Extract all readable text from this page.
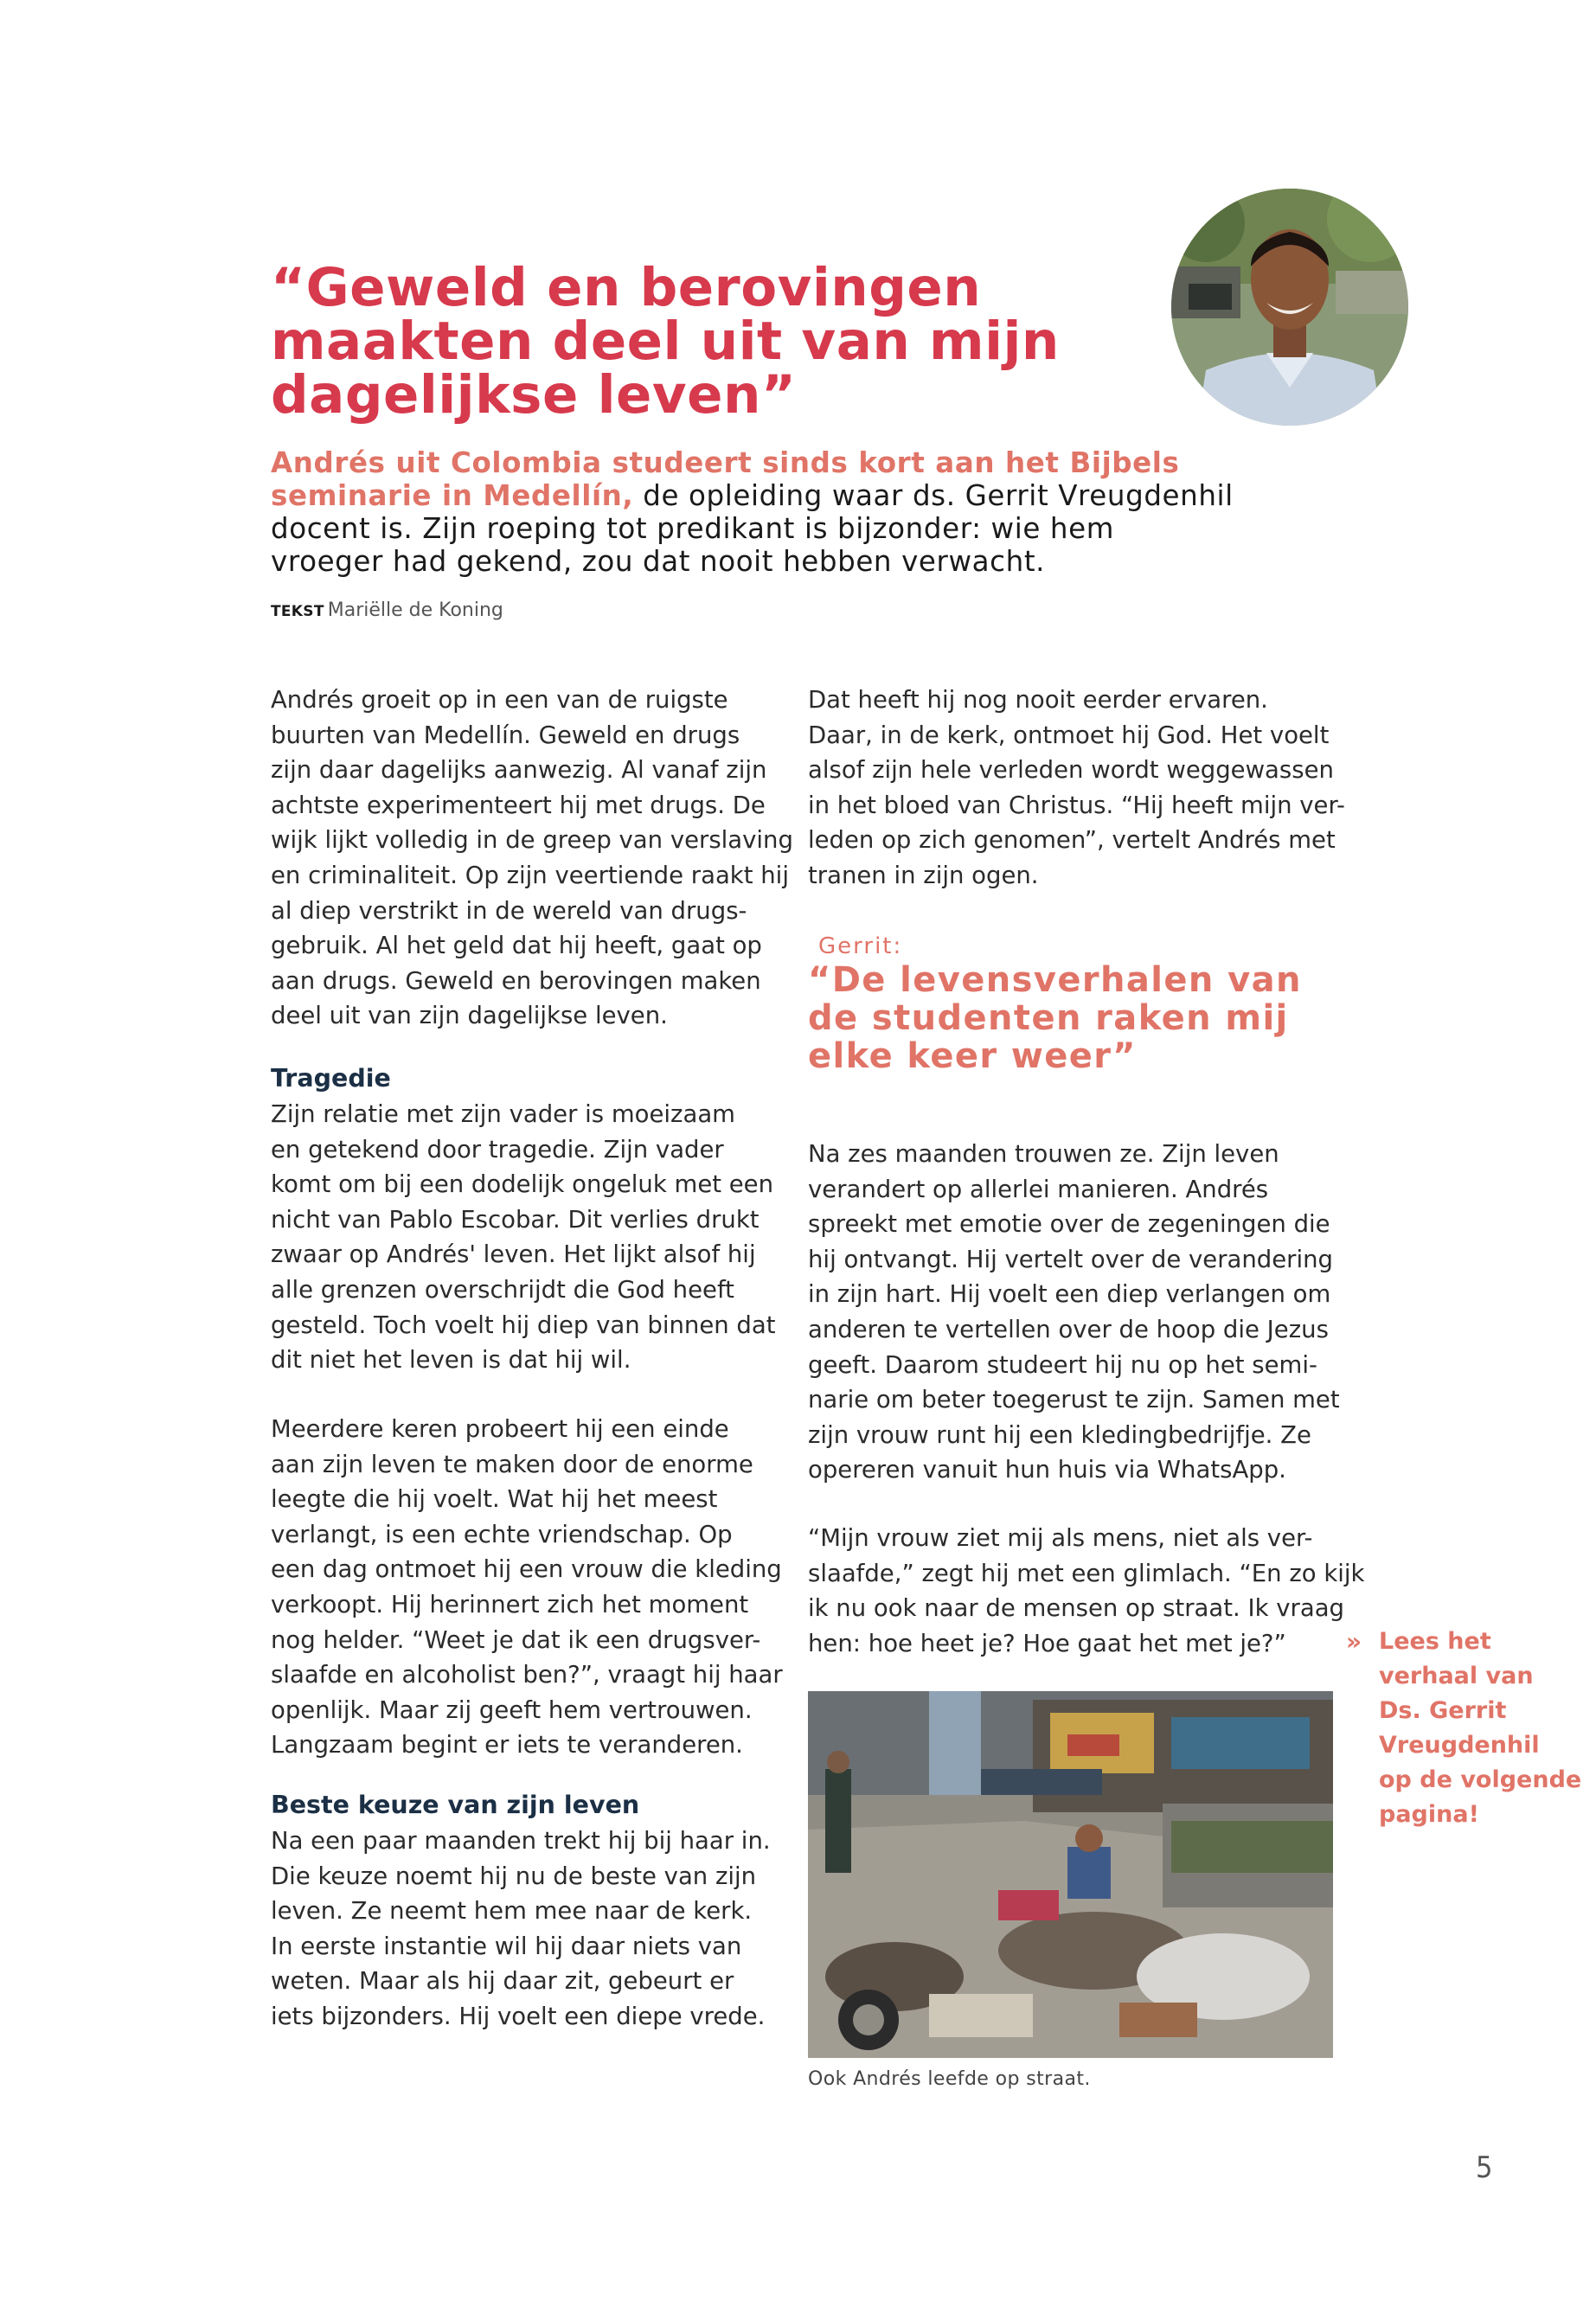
“Geweld en berovingen
maakten deel uit van mijn
dagelijkse leven”

Andrés uit Colombia studeert sinds kort aan het Bijbels
seminarie in Medellín, de opleiding waar ds. Gerrit Vreugdenhil
docent is. Zijn roeping tot predikant is bijzonder: wie hem
vroeger had gekend, zou dat nooit hebben verwacht.

TEKST Mariëlle de Koning

Andrés groeit op in een van de ruigste
buurten van Medellín. Geweld en drugs
zijn daar dagelijks aanwezig. Al vanaf zijn
achtste experimenteert hij met drugs. De
wijk lijkt volledig in de greep van verslaving
en criminaliteit. Op zijn veertiende raakt hij
al diep verstrikt in de wereld van drugs-
gebruik. Al het geld dat hij heeft, gaat op
aan drugs. Geweld en berovingen maken
deel uit van zijn dagelijkse leven.

Tragedie

Zijn relatie met zijn vader is moeizaam
en getekend door tragedie. Zijn vader
komt om bij een dodelijk ongeluk met een
nicht van Pablo Escobar. Dit verlies drukt
zwaar op Andrés' leven. Het lijkt alsof hij
alle grenzen overschrijdt die God heeft
gesteld. Toch voelt hij diep van binnen dat
dit niet het leven is dat hij wil.

Meerdere keren probeert hij een einde
aan zijn leven te maken door de enorme
leegte die hij voelt. Wat hij het meest
verlangt, is een echte vriendschap. Op
een dag ontmoet hij een vrouw die kleding
verkoopt. Hij herinnert zich het moment
nog helder. “Weet je dat ik een drugsver-
slaafde en alcoholist ben?”, vraagt hij haar
openlijk. Maar zij geeft hem vertrouwen.
Langzaam begint er iets te veranderen.

Beste keuze van zijn leven

Na een paar maanden trekt hij bij haar in.
Die keuze noemt hij nu de beste van zijn
leven. Ze neemt hem mee naar de kerk.
In eerste instantie wil hij daar niets van
weten. Maar als hij daar zit, gebeurt er
iets bijzonders. Hij voelt een diepe vrede.

Dat heeft hij nog nooit eerder ervaren.
Daar, in de kerk, ontmoet hij God. Het voelt
alsof zijn hele verleden wordt weggewassen
in het bloed van Christus. “Hij heeft mijn ver-
leden op zich genomen”, vertelt Andrés met
tranen in zijn ogen.

Gerrit:

“De levensverhalen van
de studenten raken mij
elke keer weer”

Na zes maanden trouwen ze. Zijn leven
verandert op allerlei manieren. Andrés
spreekt met emotie over de zegeningen die
hij ontvangt. Hij vertelt over de verandering
in zijn hart. Hij voelt een diep verlangen om
anderen te vertellen over de hoop die Jezus
geeft. Daarom studeert hij nu op het semi-
narie om beter toegerust te zijn. Samen met
zijn vrouw runt hij een kledingbedrijfje. Ze
opereren vanuit hun huis via WhatsApp.

“Mijn vrouw ziet mij als mens, niet als ver-
slaafde,” zegt hij met een glimlach. “En zo kijk
ik nu ook naar de mensen op straat. Ik vraag
hen: hoe heet je? Hoe gaat het met je?”

Ook Andrés leefde op straat.
» Lees het
verhaal van
Ds. Gerrit
Vreugdenhil
op de volgende
pagina!

5
